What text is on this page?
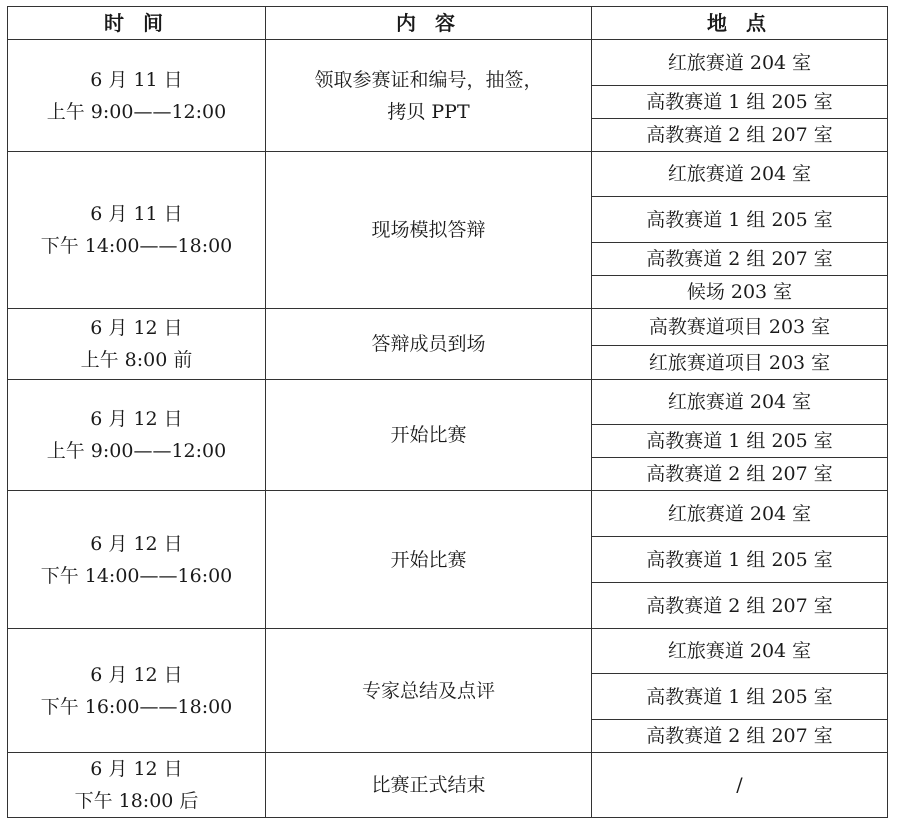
时 间	内 容	地 点

6 月 11 日
上午 9:00——12:00	领取参赛证和编号，抽签，拷贝 PPT	红旅赛道 204 室
		高教赛道 1 组 205 室
		高教赛道 2 组 207 室

6 月 11 日
下午 14:00——18:00	现场模拟答辩	红旅赛道 204 室
		高教赛道 1 组 205 室
		高教赛道 2 组 207 室
		候场 203 室

6 月 12 日
上午 8:00 前	答辩成员到场	高教赛道项目 203 室
		红旅赛道项目 203 室

6 月 12 日
上午 9:00——12:00	开始比赛	红旅赛道 204 室
		高教赛道 1 组 205 室
		高教赛道 2 组 207 室

6 月 12 日
下午 14:00——16:00	开始比赛	红旅赛道 204 室
		高教赛道 1 组 205 室
		高教赛道 2 组 207 室

6 月 12 日
下午 16:00——18:00	专家总结及点评	红旅赛道 204 室
		高教赛道 1 组 205 室
		高教赛道 2 组 207 室

6 月 12 日
下午 18:00 后	比赛正式结束	/
